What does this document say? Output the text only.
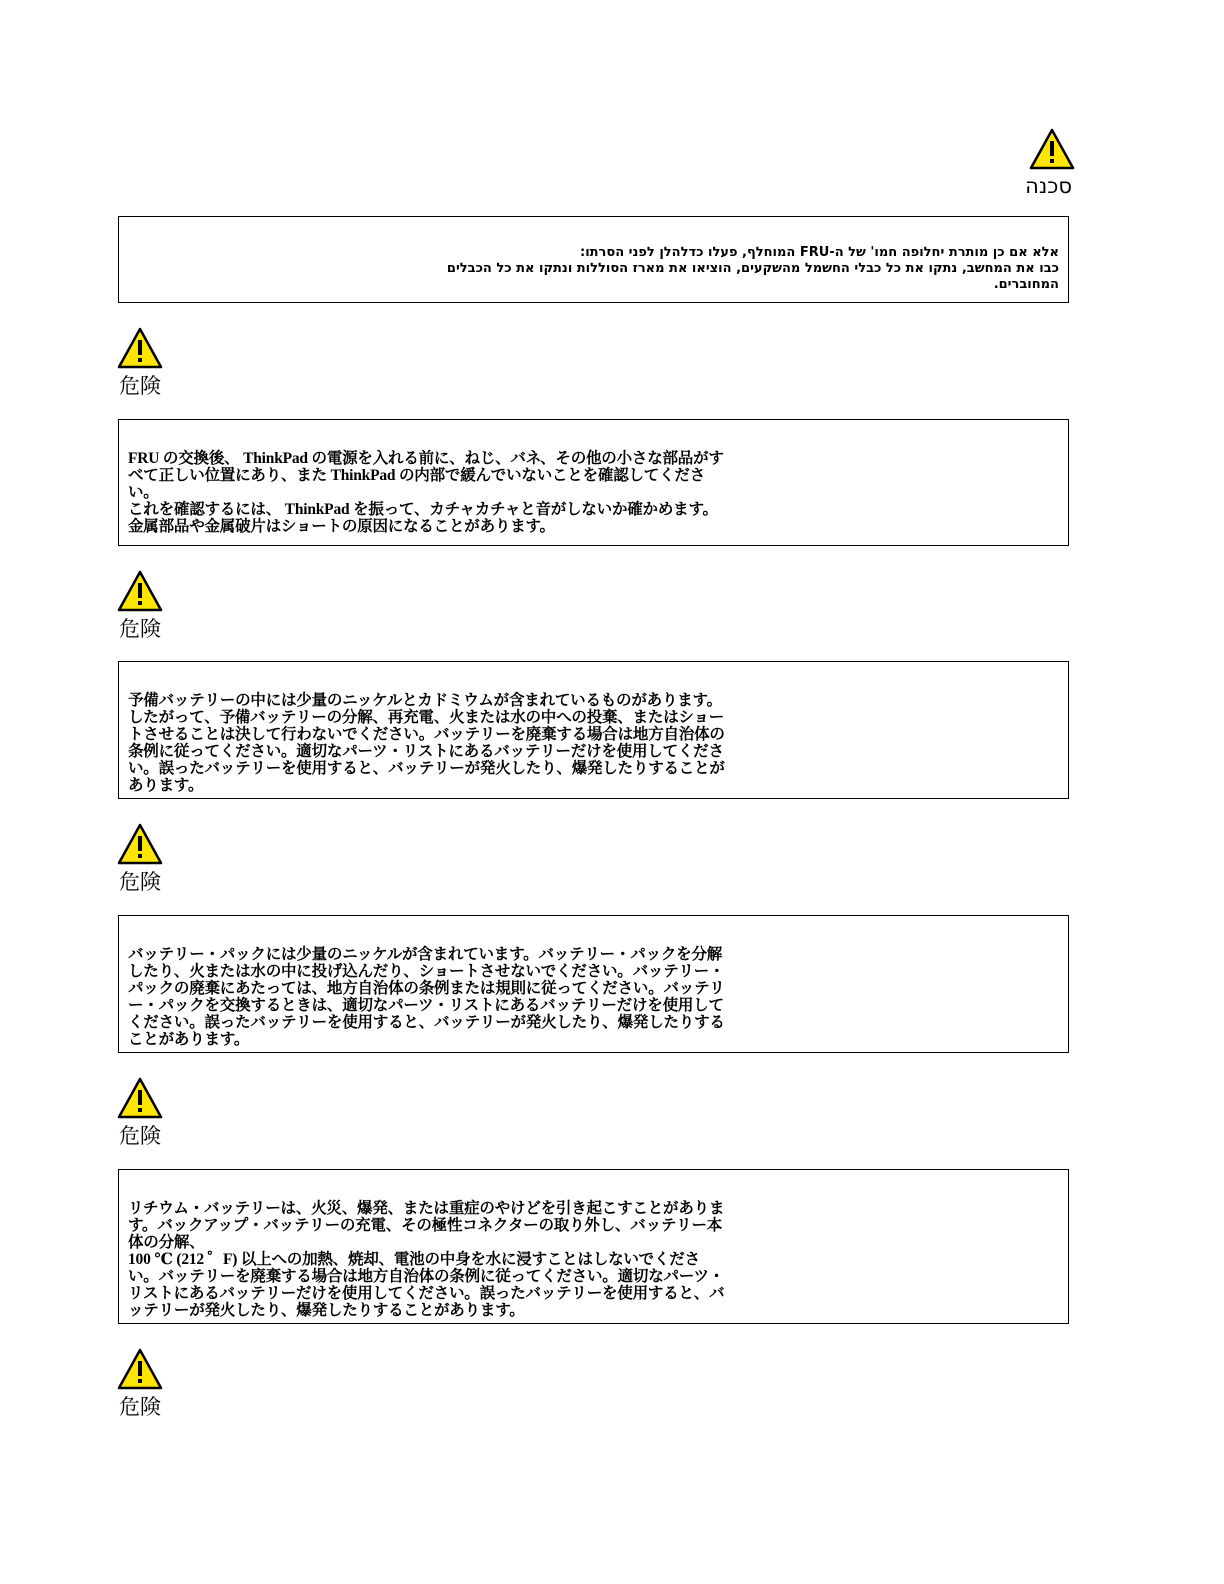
סכנה

אלא אם כן מותרת יחלופה חמו' של ה-FRU המוחלף, פעלו כדלהלן לפני הסרתו:

כבו את המחשב, נתקו את כל כבלי החשמל מהשקעים, הוציאו את מארז הסוללות ונתקו את כל הכבלים המחוברים.

危険

FRU の交換後、 ThinkPad の電源を入れる前に、ねじ、バネ、その他の小さな部品がすべて正しい位置にあり、また ThinkPad の内部で緩んでいないことを確認してください。

これを確認するには、 ThinkPad を振って、カチャカチャと音がしないか確かめます。金属部品や金属破片はショートの原因になることがあります。

危険

予備バッテリーの中には少量のニッケルとカドミウムが含まれているものがあります。したがって、予備バッテリーの分解、再充電、火または水の中への投棄、またはショートさせることは決して行わないでください。バッテリーを廃棄する場合は地方自治体の条例に従ってください。適切なパーツ・リストにあるバッテリーだけを使用してください。誤ったバッテリーを使用すると、バッテリーが発火したり、爆発したりすることがあります。

危険

バッテリー・パックには少量のニッケルが含まれています。バッテリー・パックを分解したり、火または水の中に投げ込んだり、ショートさせないでください。バッテリー・パックの廃棄にあたっては、地方自治体の条例または規則に従ってください。バッテリー・パックを交換するときは、適切なパーツ・リストにあるバッテリーだけを使用してください。誤ったバッテリーを使用すると、バッテリーが発火したり、爆発したりすることがあります。

危険

リチウム・バッテリーは、火災、爆発、または重症のやけどを引き起こすことがあります。バックアップ・バッテリーの充電、その極性コネクターの取り外し、バッテリー本体の分解、

100 ℃ (212 ゜F) 以上への加熱、焼却、電池の中身を水に浸すことはしないでください。バッテリーを廃棄する場合は地方自治体の条例に従ってください。適切なパーツ・リストにあるバッテリーだけを使用してください。誤ったバッテリーを使用すると、バッテリーが発火したり、爆発したりすることがあります。

危険
